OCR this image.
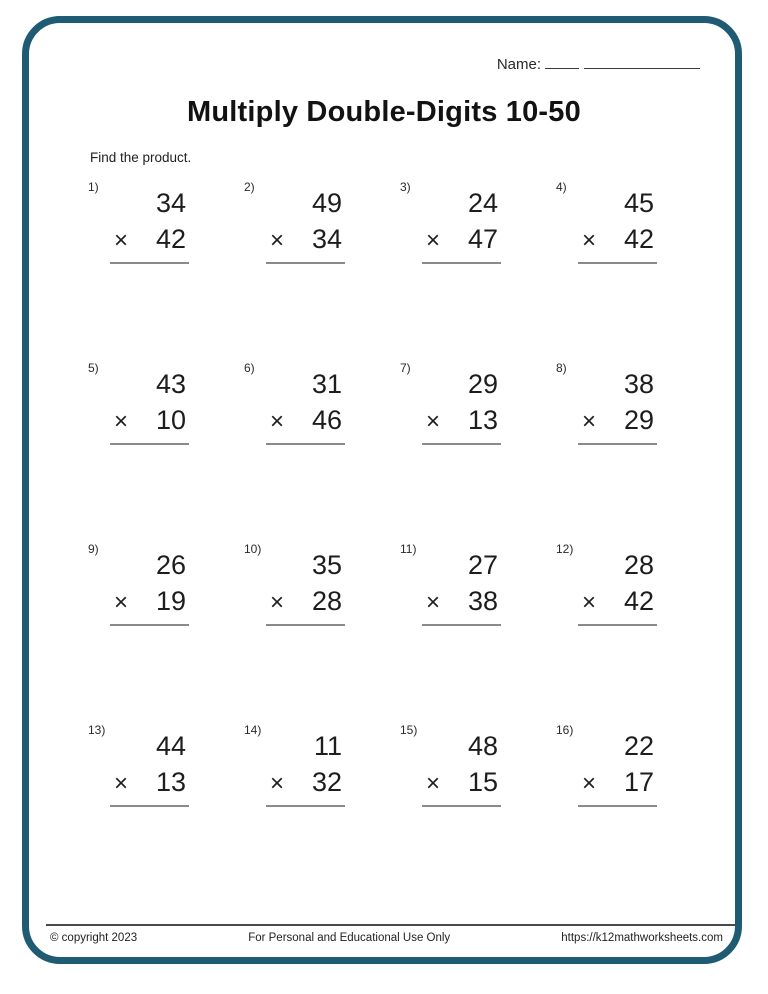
Name:
Multiply Double-Digits 10-50
Find the product.
1)
34
× 42
2)
49
× 34
3)
24
× 47
4)
45
× 42
5)
43
× 10
6)
31
× 46
7)
29
× 13
8)
38
× 29
9)
26
× 19
10)
35
× 28
11)
27
× 38
12)
28
× 42
13)
44
× 13
14)
11
× 32
15)
48
× 15
16)
22
× 17
© copyright 2023	For Personal and Educational Use Only	https://k12mathworksheets.com
